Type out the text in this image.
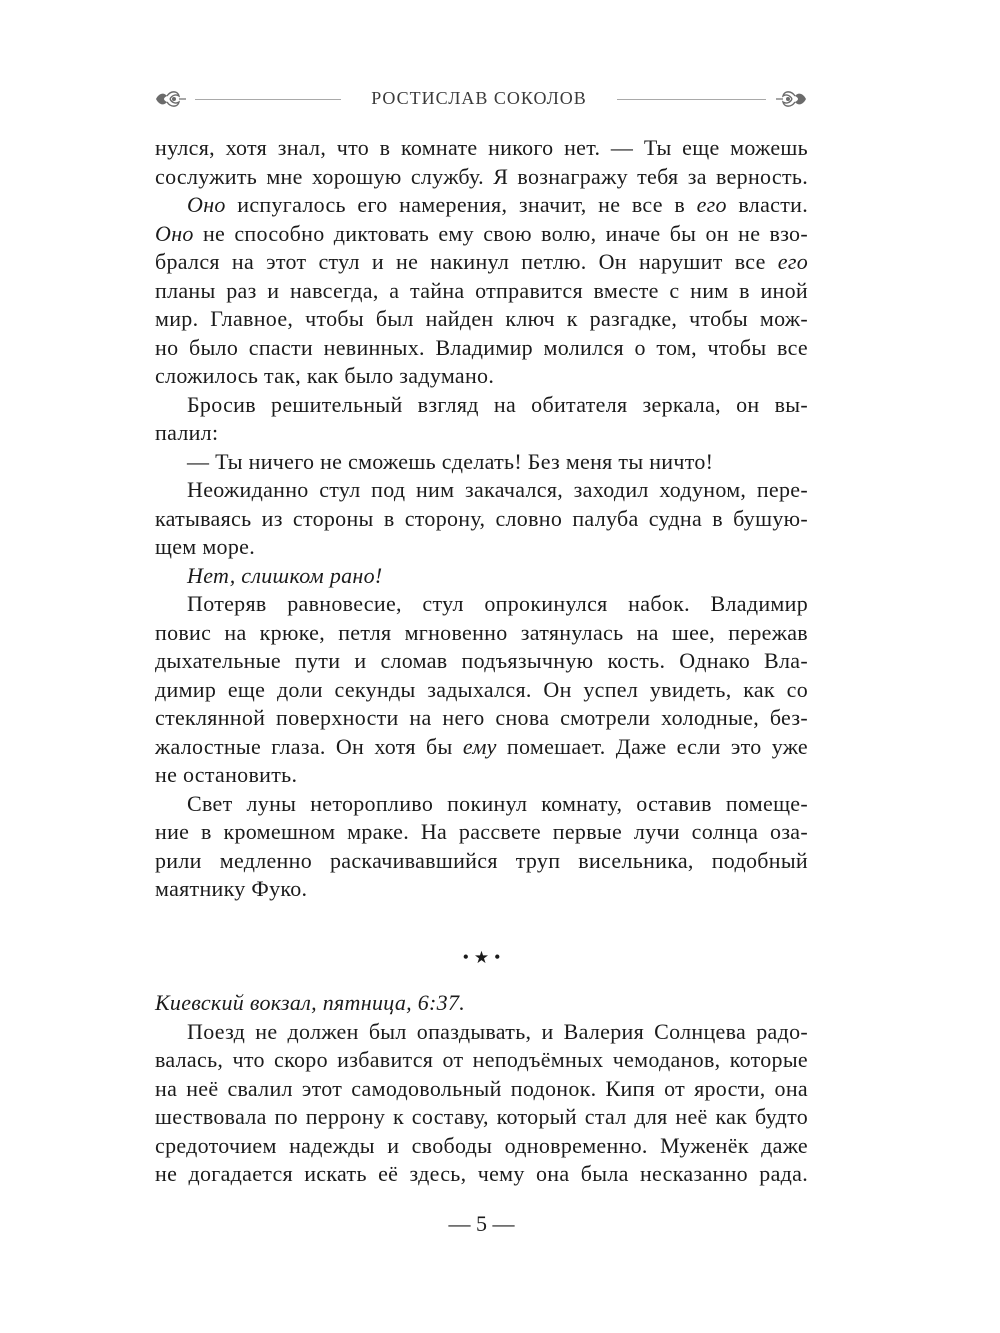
РОСТИСЛАВ СОКОЛОВ
нулся, хотя знал, что в комнате никого нет. — Ты еще можешь
сослужить мне хорошую службу. Я вознагражу тебя за верность.
Оно испугалось его намерения, значит, не все в его власти.
Оно не способно диктовать ему свою волю, иначе бы он не взо-
брался на этот стул и не накинул петлю. Он нарушит все его
планы раз и навсегда, а тайна отправится вместе с ним в иной
мир. Главное, чтобы был найден ключ к разгадке, чтобы мож-
но было спасти невинных. Владимир молился о том, чтобы все
сложилось так, как было задумано.
Бросив решительный взгляд на обитателя зеркала, он вы-
палил:
— Ты ничего не сможешь сделать! Без меня ты ничто!
Неожиданно стул под ним закачался, заходил ходуном, пере-
катываясь из стороны в сторону, словно палуба судна в бушую-
щем море.
Нет, слишком рано!
Потеряв равновесие, стул опрокинулся набок. Владимир
повис на крюке, петля мгновенно затянулась на шее, пережав
дыхательные пути и сломав подъязычную кость. Однако Вла-
димир еще доли секунды задыхался. Он успел увидеть, как со
стеклянной поверхности на него снова смотрели холодные, без-
жалостные глаза. Он хотя бы ему помешает. Даже если это уже
не остановить.
Свет луны неторопливо покинул комнату, оставив помеще-
ние в кромешном мраке. На рассвете первые лучи солнца оза-
рили медленно раскачивавшийся труп висельника, подобный
маятнику Фуко.
• ★ •
Киевский вокзал, пятница, 6:37.
Поезд не должен был опаздывать, и Валерия Солнцева радо-
валась, что скоро избавится от неподъёмных чемоданов, которые
на неё свалил этот самодовольный подонок. Кипя от ярости, она
шествовала по перрону к составу, который стал для неё как будто
средоточием надежды и свободы одновременно. Муженёк даже
не догадается искать её здесь, чему она была несказанно рада.
— 5 —
